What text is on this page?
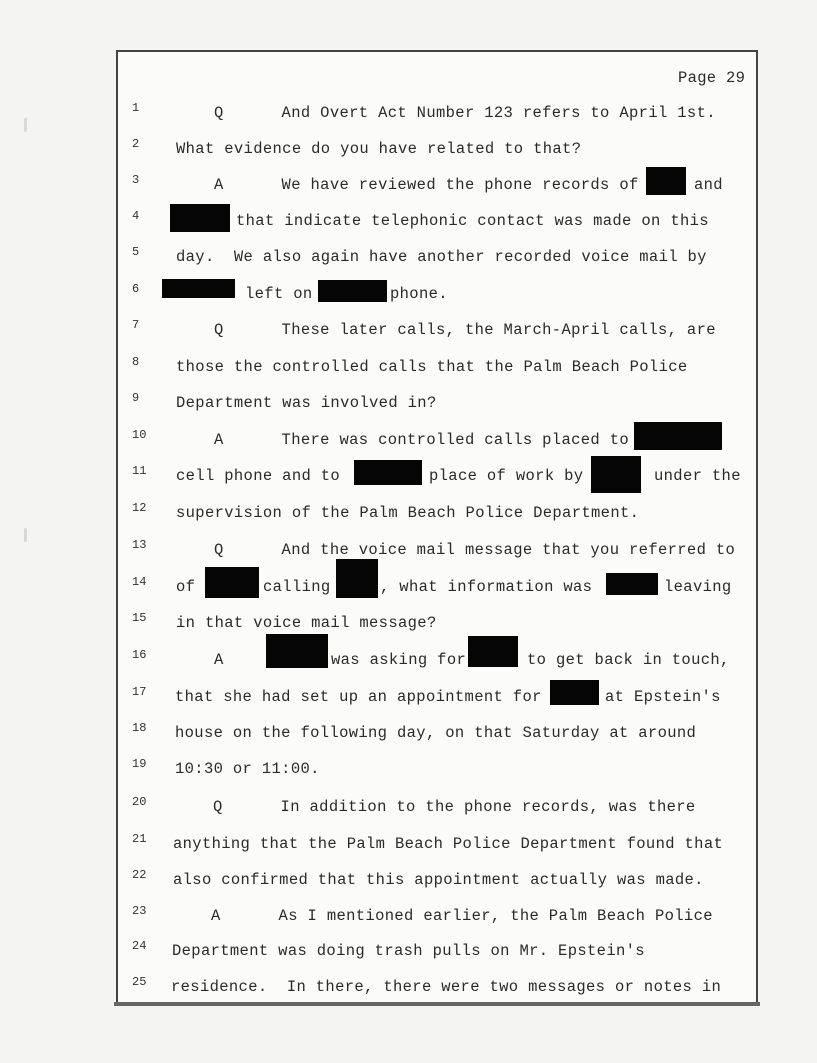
Page 29
1	Q      And Overt Act Number 123 refers to April 1st.
2	What evidence do you have related to that?
3	A      We have reviewed the phone records of	and
4	that indicate telephonic contact was made on this
5	day.  We also again have another recorded voice mail by
6	left on	phone.
7	Q      These later calls, the March-April calls, are
8	those the controlled calls that the Palm Beach Police
9	Department was involved in?
10	A      There was controlled calls placed to
11	cell phone and to	place of work by	under the
12	supervision of the Palm Beach Police Department.
13	Q      And the voice mail message that you referred to
14	of	calling	, what information was	leaving
15	in that voice mail message?
16	A	was asking for	to get back in touch,
17	that she had set up an appointment for	at Epstein's
18	house on the following day, on that Saturday at around
19	10:30 or 11:00.
20	Q      In addition to the phone records, was there
21	anything that the Palm Beach Police Department found that
22	also confirmed that this appointment actually was made.
23	A      As I mentioned earlier, the Palm Beach Police
24	Department was doing trash pulls on Mr. Epstein's
25	residence.  In there, there were two messages or notes in
